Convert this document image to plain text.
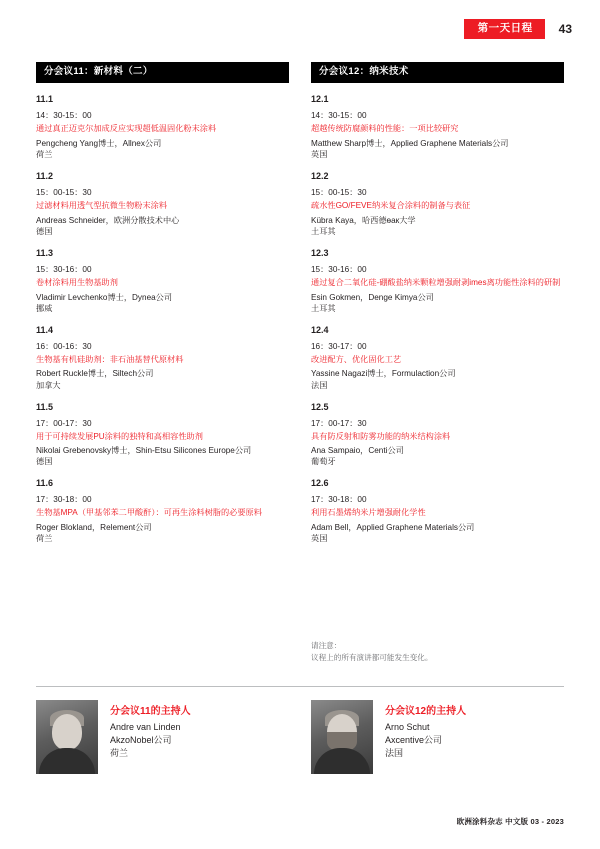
第一天日程	43
分会议11：新材料（二）
11.1
14：30-15：00
通过真正迈克尔加成反应实现超低温固化粉末涂料
Pengcheng Yang博士，Allnex公司
荷兰
11.2
15：00-15：30
过滤材料用透气型抗微生物粉末涂料
Andreas Schneider，欧洲分散技术中心
德国
11.3
15：30-16：00
卷材涂料用生物基助剂
Vladimir Levchenko博士，Dynea公司
挪威
11.4
16：00-16：30
生物基有机硅助剂：非石油基替代原材料
Robert Ruckle博士，Siltech公司
加拿大
11.5
17：00-17：30
用于可持续发展PU涂料的独特和高相容性助剂
Nikolai Grebenovsky博士，Shin-Etsu Silicones Europe公司
德国
11.6
17：30-18：00
生物基MPA（甲基邻苯二甲酸酐）：可再生涂料树脂的必要原料
Roger Blokland，Relement公司
荷兰
分会议12：纳米技术
12.1
14：30-15：00
超越传统防腐颜料的性能：一项比较研究
Matthew Sharp博士，Applied Graphene Materials公司
英国
12.2
15：00-15：30
疏水性GO/FEVE纳米复合涂料的制备与表征
Kübra Kaya，哈西德өак大学
土耳其
12.3
15：30-16：00
通过复合二氧化硅-硼酸盐纳米颗粒增强耐剥imes离功能性涂料的研制
Esin Gokmen，Denge Kimya公司
土耳其
12.4
16：30-17：00
改进配方、优化固化工艺
Yassine Nagazi博士，Formulaction公司
法国
12.5
17：00-17：30
具有防反射和防雾功能的纳米结构涂料
Ana Sampaio，Centi公司
葡萄牙
12.6
17：30-18：00
利用石墨烯纳米片增强耐化学性
Adam Bell，Applied Graphene Materials公司
英国
请注意：
议程上的所有演讲都可能发生变化。
分会议11的主持人
Andre van Linden
AkzoNobel公司
荷兰
分会议12的主持人
Arno Schut
Axcentive公司
法国
欧洲涂料杂志 中文版 03 - 2023
